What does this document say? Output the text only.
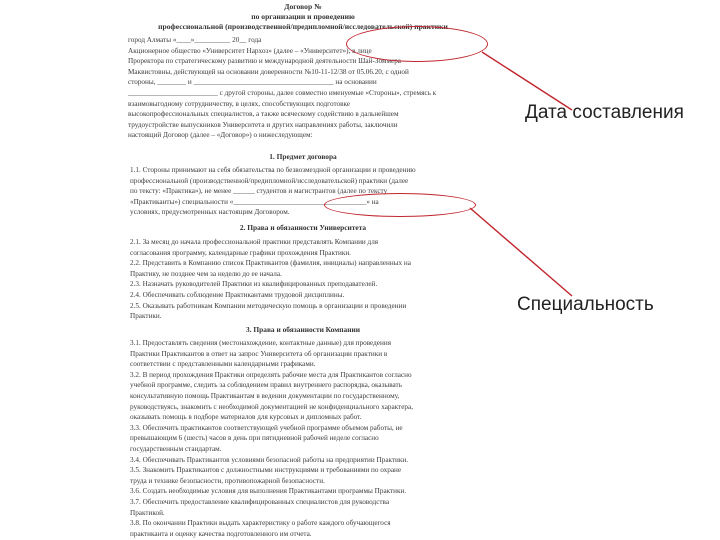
Договор №
по организации и проведению
профессиональной (производственной/предипломной/исследовательской) практики
город Алматы «____»__________ 20__ года
Акционерное общество «Университет Нархоз» (далее – «Университет»), в лице
Проректора по стратегическому развитию и международной деятельности Шай-Зоммера
Маквистовны, действующей на основании доверенности №10-11-12/38 от 05.06.20, с одной
стороны, ________ и _______________________________________ на основании
_________________________ с другой стороны, далее совместно именуемые «Стороны», стремясь к
взаимовыгодному сотрудничеству, в целях, способствующих подготовке
высокопрофессиональных специалистов, а также всяческому содействию в дальнейшем
трудоустройстве выпускников Университета и других направлениях работы, заключили
настоящий Договор (далее – «Договор») о нижеследующем:
1. Предмет договора
1.1. Стороны принимают на себя обязательства по безвозмездной организации и проведению
профессиональной (производственной/предипломной/исследовательской) практики (далее
по тексту: «Практика»), не менее ______ студентов и магистрантов (далее по тексту
«Практиканты») специальности «_____________________________________» на
условиях, предусмотренных настоящим Договором.
2. Права и обязанности Университета
2.1. За месяц до начала профессиональной практики представлять Компании для
согласования программу, календарные графики прохождения Практики.
2.2. Представить в Компанию список Практикантов (фамилия, инициалы) направленных на
Практику, не позднее чем за неделю до ее начала.
2.3. Назначать руководителей Практики из квалифицированных преподавателей.
2.4. Обеспечивать соблюдение Практикантами трудовой дисциплины.
2.5. Оказывать работникам Компании методическую помощь в организации и проведении
Практики.
3. Права и обязанности Компании
3.1. Предоставлять сведения (местонахождение, контактные данные) для проведения
Практики Практикантов в ответ на запрос Университета об организации практики в
соответствии с представленными календарными графиками.
3.2. В период прохождения Практики определять рабочие места для Практикантов согласно
учебной программе, следить за соблюдением правил внутреннего распорядка, оказывать
консультативную помощь Практикантам в ведении документации по государственному,
руководствуясь, знакомить с необходимой документацией не конфиденциального характера,
оказывать помощь в подборе материалов для курсовых и дипломных работ.
3.3. Обеспечить практикантов соответствующей учебной программе объемом работы, не
превышающим 6 (шесть) часов в день при пятидневной рабочей неделе согласно
государственным стандартам.
3.4. Обеспечивать Практикантов условиями безопасной работы на предприятии Практики.
3.5. Знакомить Практикантов с должностными инструкциями и требованиями по охране
труда и технике безопасности, противопожарной безопасности.
3.6. Создать необходимые условия для выполнения Практикантами программы Практики.
3.7. Обеспечить предоставление квалифицированных специалистов для руководства
Практикой.
3.8. По окончании Практики выдать характеристику о работе каждого обучающегося
практиканта и оценку качества подготовленного им отчета.
Дата составления
Специальность
